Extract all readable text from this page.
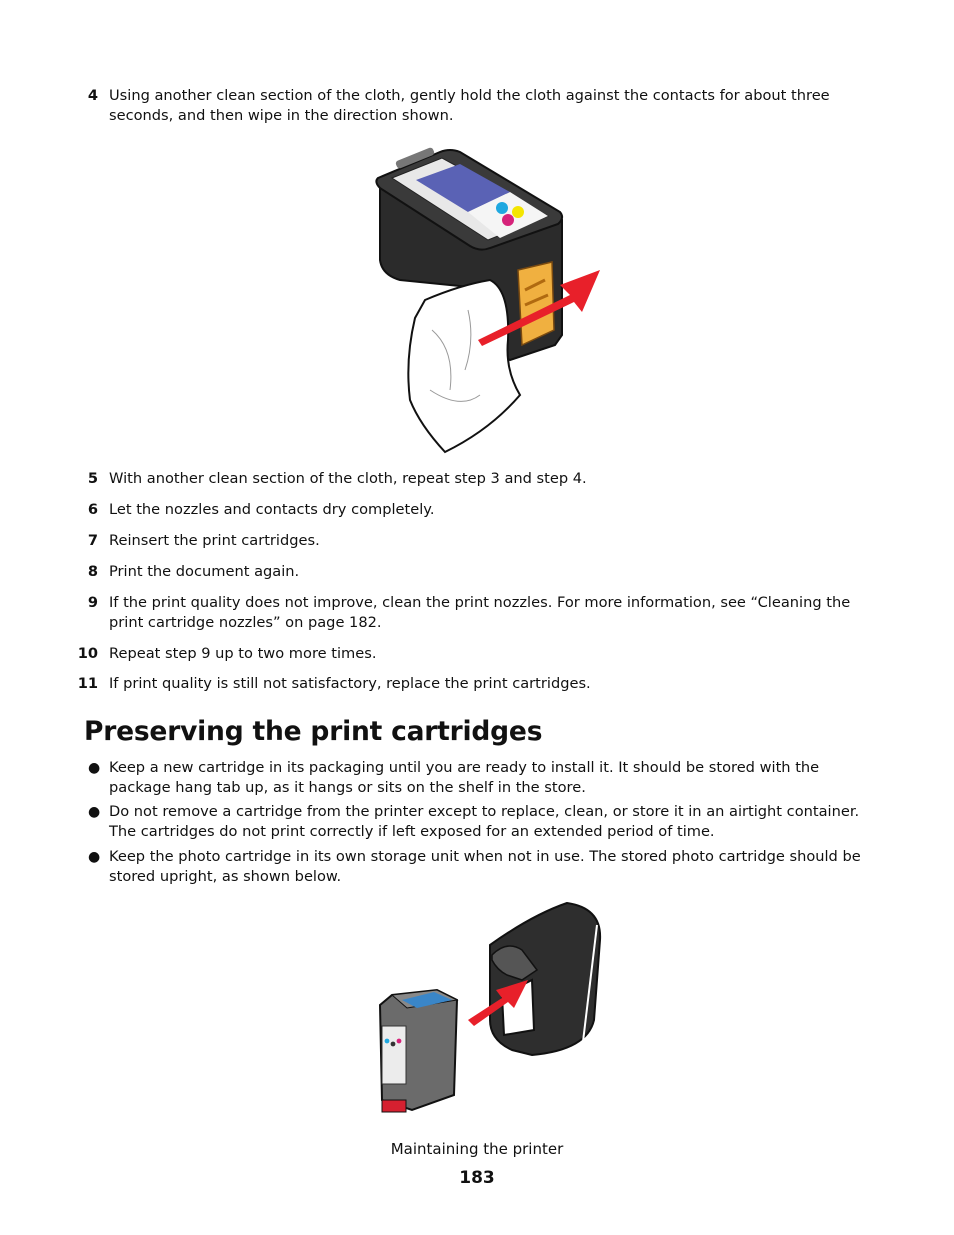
4 Using another clean section of the cloth, gently hold the cloth against the contacts for about three seconds, and then wipe in the direction shown.
5 With another clean section of the cloth, repeat step 3 and step 4.
6 Let the nozzles and contacts dry completely.
7 Reinsert the print cartridges.
8 Print the document again.
9 If the print quality does not improve, clean the print nozzles. For more information, see “Cleaning the print cartridge nozzles” on page 182.
10 Repeat step 9 up to two more times.
11 If print quality is still not satisfactory, replace the print cartridges.
Preserving the print cartridges
● Keep a new cartridge in its packaging until you are ready to install it. It should be stored with the package hang tab up, as it hangs or sits on the shelf in the store.
● Do not remove a cartridge from the printer except to replace, clean, or store it in an airtight container. The cartridges do not print correctly if left exposed for an extended period of time.
● Keep the photo cartridge in its own storage unit when not in use. The stored photo cartridge should be stored upright, as shown below.
Maintaining the printer
183
